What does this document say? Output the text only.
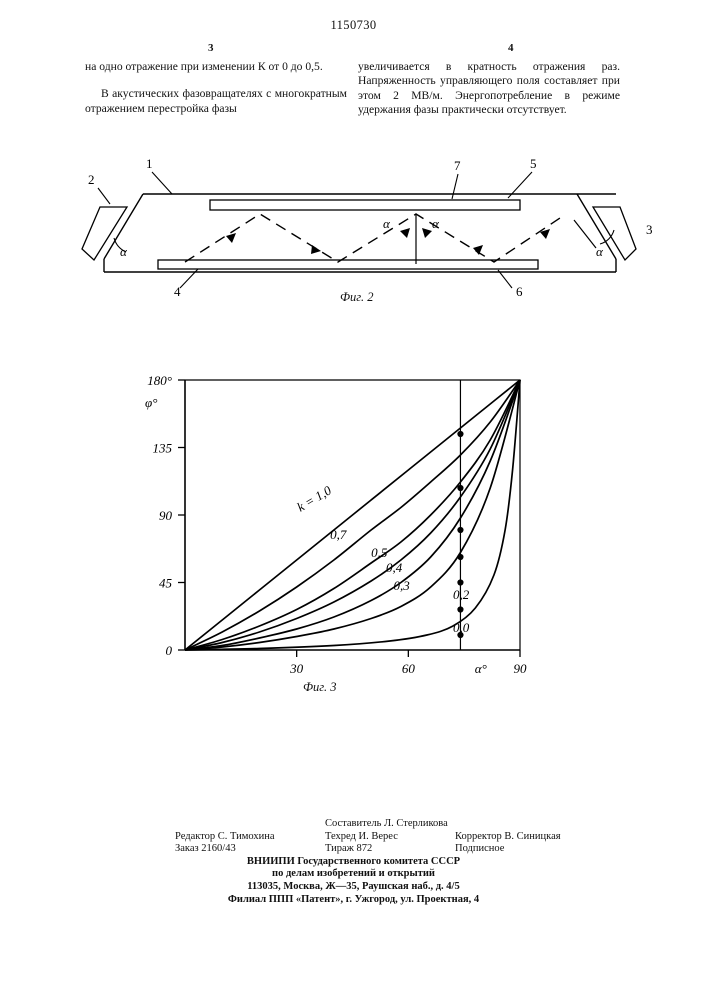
1150730
3	4

на одно отражение при изменении К от 0 до 0,5.

В акустических фазовращателях с многократным отражением перестройка фазы

увеличивается в кратность отражения раз. Напряженность управляющего поля составляет при этом 2 МВ/м. Энергопотребление в режиме удержания фазы практически отсутствует.

1
2
3
4	6
7	5
α	α
α	α
Фиг. 2
0
45
90
135
180°
30	60	90
φ°
α°
k = 1,0
0,7
0,5
0,4
0,3
0,2
0,0
Фиг. 3
Составитель Л. Стерликова
Редактор С. Тимохина	Техред И. Верес	Корректор В. Синицкая
Заказ 2160/43	Тираж 872	Подписное
ВНИИПИ Государственного комитета СССР
по делам изобретений и открытий
113035, Москва, Ж—35, Раушская наб., д. 4/5
Филиал ППП «Патент», г. Ужгород, ул. Проектная, 4
